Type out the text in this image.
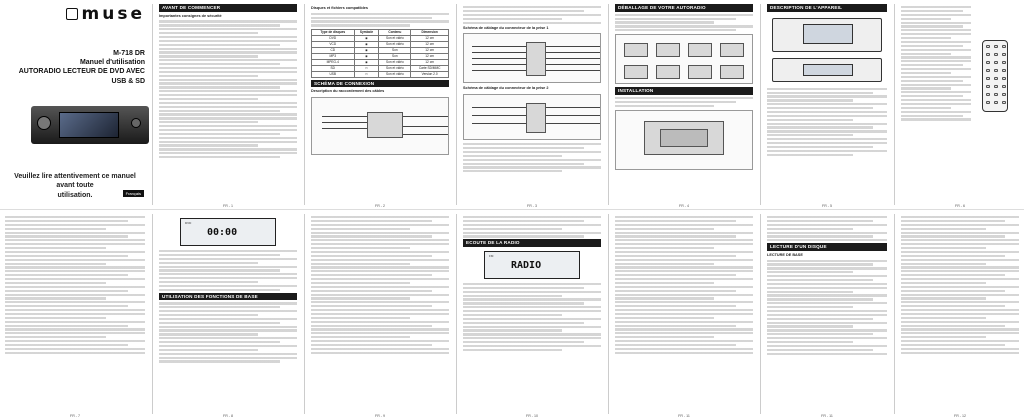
muse
M-718 DR
Manuel d'utilisation
AUTORADIO LECTEUR DE DVD AVEC USB & SD
Veuillez lire attentivement ce manuel avant toute
utilisation.	Français
AVANT DE COMMENCER
Importantes consignes de sécurité
FR - 1
Disques et fichiers compatibles
Type de disques	Symbole	Contenu	Dimension
DVD	◉	Son et vidéo	12 cm
VCD	◉	Son et vidéo	12 cm
CD	◉	Son	12 cm
MP3	◉	Son	12 cm
MPEG-4	◉	Son et vidéo	12 cm
SD	▭	Son et vidéo	Carte SD/MMC
USB	▭	Son et vidéo	Version 2.0
SCHÉMA DE CONNEXION
Description du raccordement des câbles
FR - 2
Schéma de câblage du connecteur de la prise 1
Schéma de câblage du connecteur de la prise 2
FR - 3
DÉBALLAGE DE VOTRE AUTORADIO
INSTALLATION
FR - 4
DESCRIPTION DE L'APPAREIL
FR - 5	FR - 6
FR - 7
DVD
00:00
UTILISATION DES FONCTIONS DE BASE
FR - 8	FR - 9
ECOUTE DE LA RADIO
FM
RADIO
FR - 10	FR - 11
LECTURE D'UN DISQUE
LECTURE DE BASE
FR - 11	FR - 12
